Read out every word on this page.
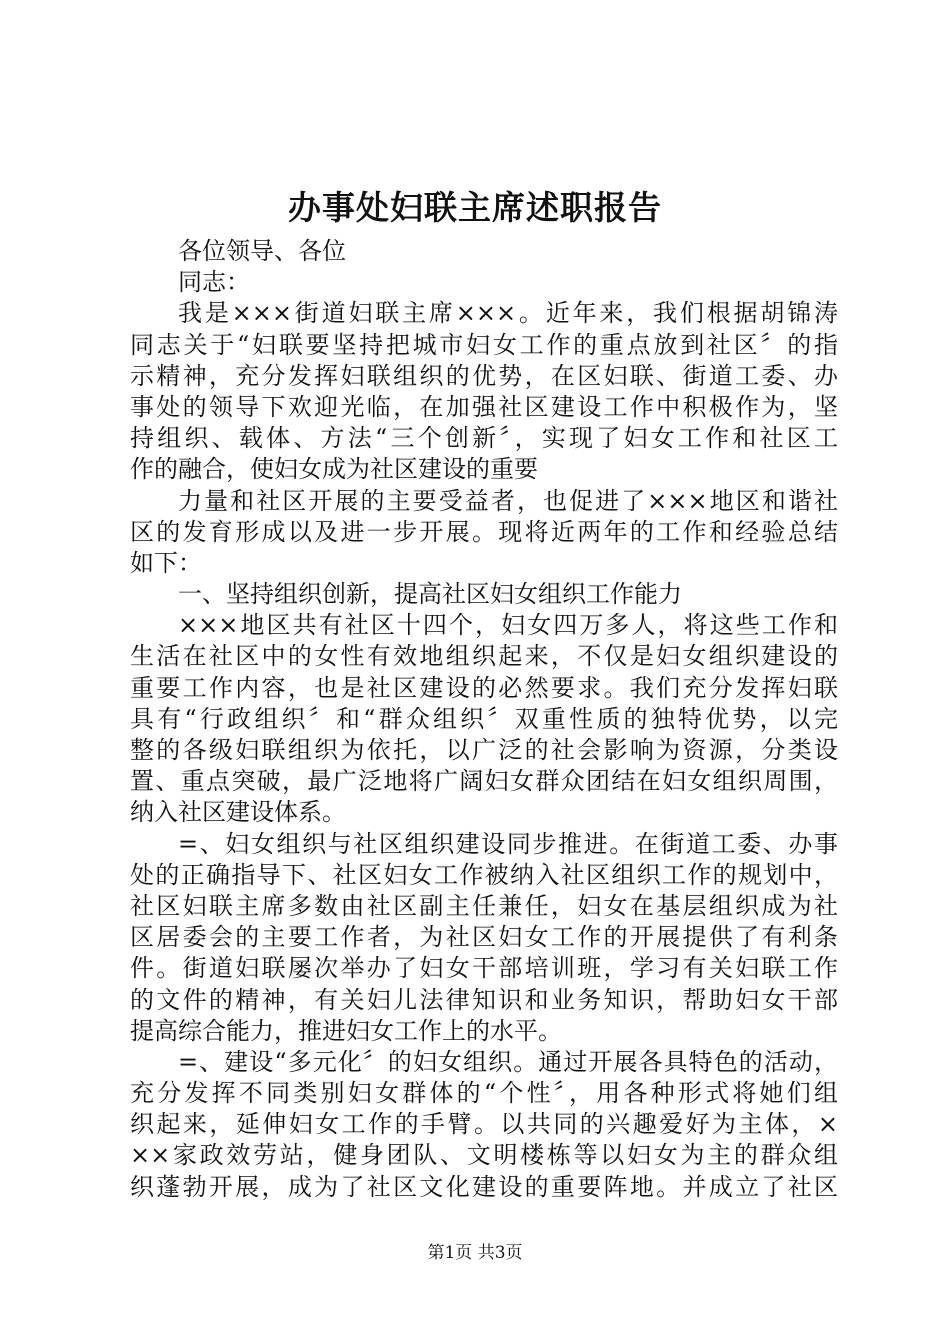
办事处妇联主席述职报告
各位领导、各位
同志：
我是×××街道妇联主席×××。近年来，我们根据胡锦涛
同志关于“妇联要坚持把城市妇女工作的重点放到社区〞的指
示精神，充分发挥妇联组织的优势，在区妇联、街道工委、办
事处的领导下欢迎光临，在加强社区建设工作中积极作为，坚
持组织、载体、方法“三个创新〞，实现了妇女工作和社区工
作的融合，使妇女成为社区建设的重要
力量和社区开展的主要受益者，也促进了×××地区和谐社
区的发育形成以及进一步开展。现将近两年的工作和经验总结
如下：
一、坚持组织创新，提高社区妇女组织工作能力
×××地区共有社区十四个，妇女四万多人，将这些工作和
生活在社区中的女性有效地组织起来，不仅是妇女组织建设的
重要工作内容，也是社区建设的必然要求。我们充分发挥妇联
具有“行政组织〞和“群众组织〞双重性质的独特优势，以完
整的各级妇联组织为依托，以广泛的社会影响为资源，分类设
置、重点突破，最广泛地将广阔妇女群众团结在妇女组织周围，
纳入社区建设体系。
=、妇女组织与社区组织建设同步推进。在街道工委、办事
处的正确指导下、社区妇女工作被纳入社区组织工作的规划中，
社区妇联主席多数由社区副主任兼任，妇女在基层组织成为社
区居委会的主要工作者，为社区妇女工作的开展提供了有利条
件。街道妇联屡次举办了妇女干部培训班，学习有关妇联工作
的文件的精神，有关妇儿法律知识和业务知识，帮助妇女干部
提高综合能力，推进妇女工作上的水平。
=、建设“多元化〞的妇女组织。通过开展各具特色的活动，
充分发挥不同类别妇女群体的“个性〞，用各种形式将她们组
织起来，延伸妇女工作的手臂。以共同的兴趣爱好为主体，×
××家政效劳站，健身团队、文明楼栋等以妇女为主的群众组
织蓬勃开展，成为了社区文化建设的重要阵地。并成立了社区
第1页 共3页
